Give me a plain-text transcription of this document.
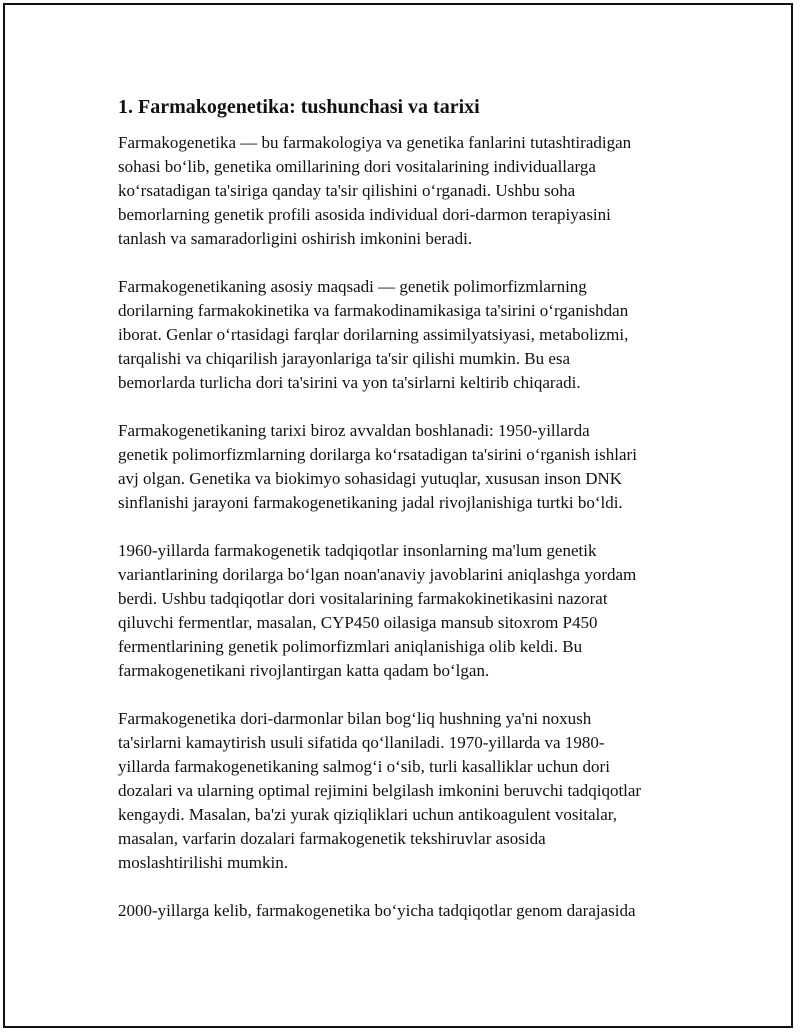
1. Farmakogenetika: tushunchasi va tarixi
Farmakogenetika — bu farmakologiya va genetika fanlarini tutashtiradigan
sohasi bo‘lib, genetika omillarining dori vositalarining individuallarga
ko‘rsatadigan ta'siriga qanday ta'sir qilishini o‘rganadi. Ushbu soha
bemorlarning genetik profili asosida individual dori-darmon terapiyasini
tanlash va samaradorligini oshirish imkonini beradi.
Farmakogenetikaning asosiy maqsadi — genetik polimorfizmlarning
dorilarning farmakokinetika va farmakodinamikasiga ta'sirini o‘rganishdan
iborat. Genlar o‘rtasidagi farqlar dorilarning assimilyatsiyasi, metabolizmi,
tarqalishi va chiqarilish jarayonlariga ta'sir qilishi mumkin. Bu esa
bemorlarda turlicha dori ta'sirini va yon ta'sirlarni keltirib chiqaradi.
Farmakogenetikaning tarixi biroz avvaldan boshlanadi: 1950-yillarda
genetik polimorfizmlarning dorilarga ko‘rsatadigan ta'sirini o‘rganish ishlari
avj olgan. Genetika va biokimyo sohasidagi yutuqlar, xususan inson DNK
sinflanishi jarayoni farmakogenetikaning jadal rivojlanishiga turtki bo‘ldi.
1960-yillarda farmakogenetik tadqiqotlar insonlarning ma'lum genetik
variantlarining dorilarga bo‘lgan noan'anaviy javoblarini aniqlashga yordam
berdi. Ushbu tadqiqotlar dori vositalarining farmakokinetikasini nazorat
qiluvchi fermentlar, masalan, CYP450 oilasiga mansub sitoxrom P450
fermentlarining genetik polimorfizmlari aniqlanishiga olib keldi. Bu
farmakogenetikani rivojlantirgan katta qadam bo‘lgan.
Farmakogenetika dori-darmonlar bilan bog‘liq hushning ya'ni noxush
ta'sirlarni kamaytirish usuli sifatida qo‘llaniladi. 1970-yillarda va 1980-
yillarda farmakogenetikaning salmog‘i o‘sib, turli kasalliklar uchun dori
dozalari va ularning optimal rejimini belgilash imkonini beruvchi tadqiqotlar
kengaydi. Masalan, ba'zi yurak qiziqliklari uchun antikoagulent vositalar,
masalan, varfarin dozalari farmakogenetik tekshiruvlar asosida
moslashtirilishi mumkin.
2000-yillarga kelib, farmakogenetika bo‘yicha tadqiqotlar genom darajasida
